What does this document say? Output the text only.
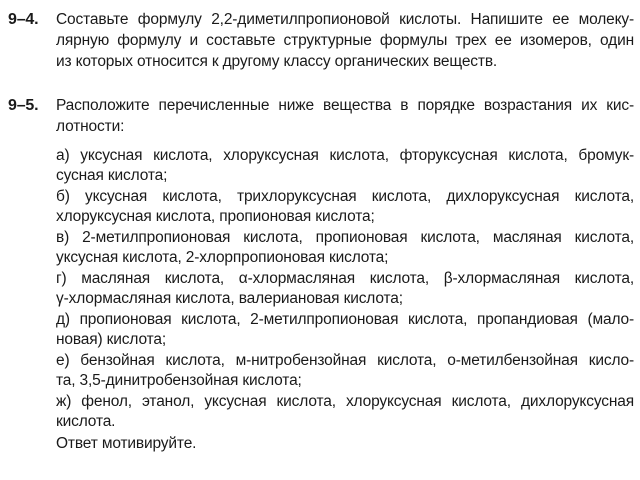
9–4. Составьте формулу 2,2-диметилпропионовой кислоты. Напишите ее молеку-
лярную формулу и составьте структурные формулы трех ее изомеров, один
из которых относится к другому классу органических веществ.
9–5. Расположите перечисленные ниже вещества в порядке возрастания их кис-
лотности:
а) уксусная кислота, хлоруксусная кислота, фторуксусная кислота, бромук-
сусная кислота;
б) уксусная кислота, трихлоруксусная кислота, дихлоруксусная кислота,
хлоруксусная кислота, пропионовая кислота;
в) 2-метилпропионовая кислота, пропионовая кислота, масляная кислота,
уксусная кислота, 2-хлорпропионовая кислота;
г) масляная кислота, α-хлормасляная кислота, β-хлормасляная кислота,
γ-хлормасляная кислота, валериановая кислота;
д) пропионовая кислота, 2-метилпропионовая кислота, пропандиовая (мало-
новая) кислота;
е) бензойная кислота, м-нитробензойная кислота, о-метилбензойная кисло-
та, 3,5-динитробензойная кислота;
ж) фенол, этанол, уксусная кислота, хлоруксусная кислота, дихлоруксусная
кислота.
Ответ мотивируйте.
